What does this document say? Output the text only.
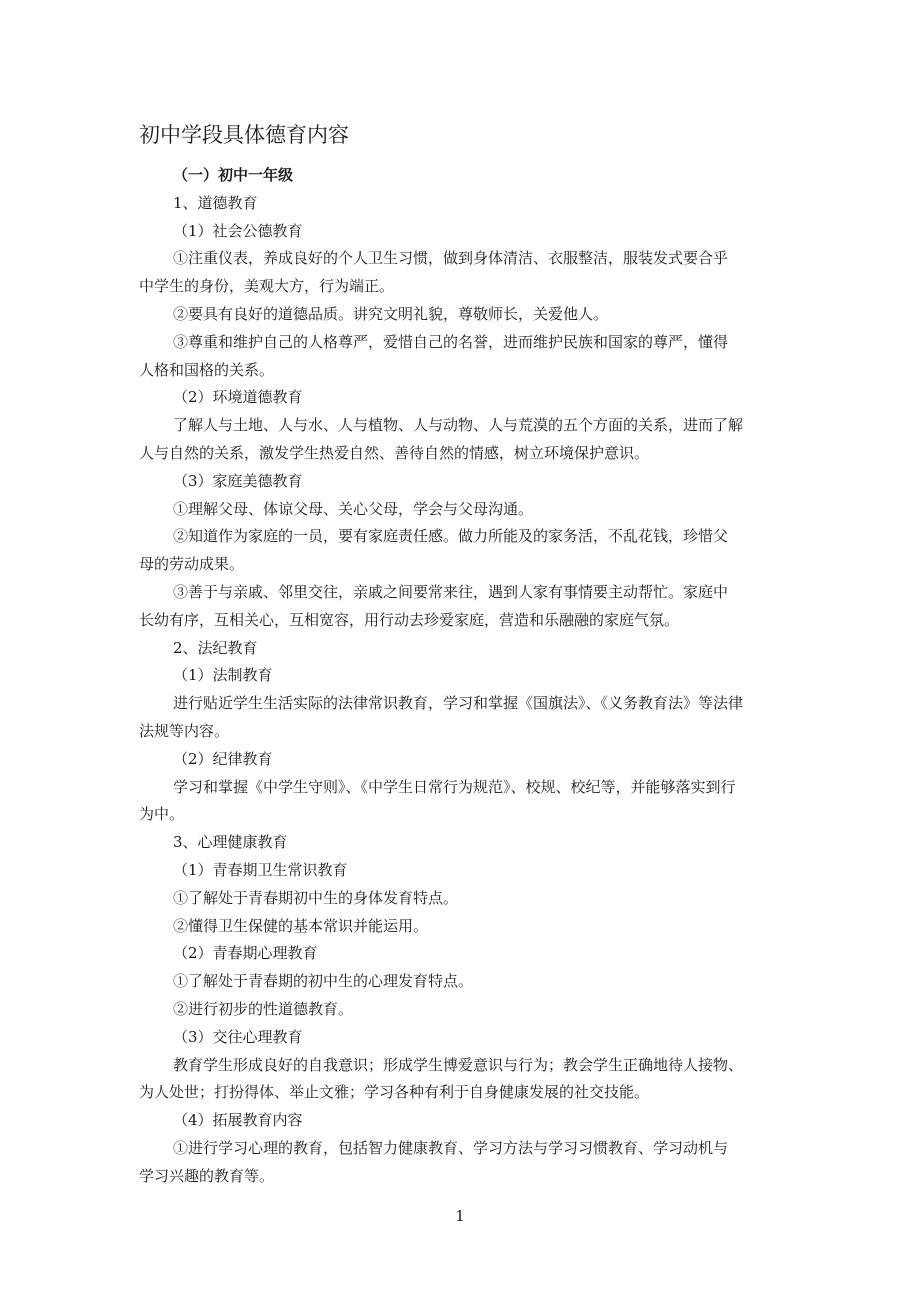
初中学段具体德育内容
（一）初中一年级
1、道德教育
（1）社会公德教育
①注重仪表，养成良好的个人卫生习惯，做到身体清洁、衣服整洁，服装发式要合乎
中学生的身份，美观大方，行为端正。
②要具有良好的道德品质。讲究文明礼貌，尊敬师长，关爱他人。
③尊重和维护自己的人格尊严，爱惜自己的名誉，进而维护民族和国家的尊严，懂得
人格和国格的关系。
（2）环境道德教育
了解人与土地、人与水、人与植物、人与动物、人与荒漠的五个方面的关系，进而了解
人与自然的关系，激发学生热爱自然、善待自然的情感，树立环境保护意识。
（3）家庭美德教育
①理解父母、体谅父母、关心父母，学会与父母沟通。
②知道作为家庭的一员，要有家庭责任感。做力所能及的家务活，不乱花钱，珍惜父
母的劳动成果。
③善于与亲戚、邻里交往，亲戚之间要常来往，遇到人家有事情要主动帮忙。家庭中
长幼有序，互相关心，互相宽容，用行动去珍爱家庭，营造和乐融融的家庭气氛。
2、法纪教育
（1）法制教育
进行贴近学生生活实际的法律常识教育，学习和掌握《国旗法》、《义务教育法》等法律
法规等内容。
（2）纪律教育
学习和掌握《中学生守则》、《中学生日常行为规范》、校规、校纪等，并能够落实到行
为中。
3、心理健康教育
（1）青春期卫生常识教育
①了解处于青春期初中生的身体发育特点。
②懂得卫生保健的基本常识并能运用。
（2）青春期心理教育
①了解处于青春期的初中生的心理发育特点。
②进行初步的性道德教育。
（3）交往心理教育
教育学生形成良好的自我意识；形成学生博爱意识与行为；教会学生正确地待人接物、
为人处世；打扮得体、举止文雅；学习各种有利于自身健康发展的社交技能。
（4）拓展教育内容
①进行学习心理的教育，包括智力健康教育、学习方法与学习习惯教育、学习动机与
学习兴趣的教育等。
1
